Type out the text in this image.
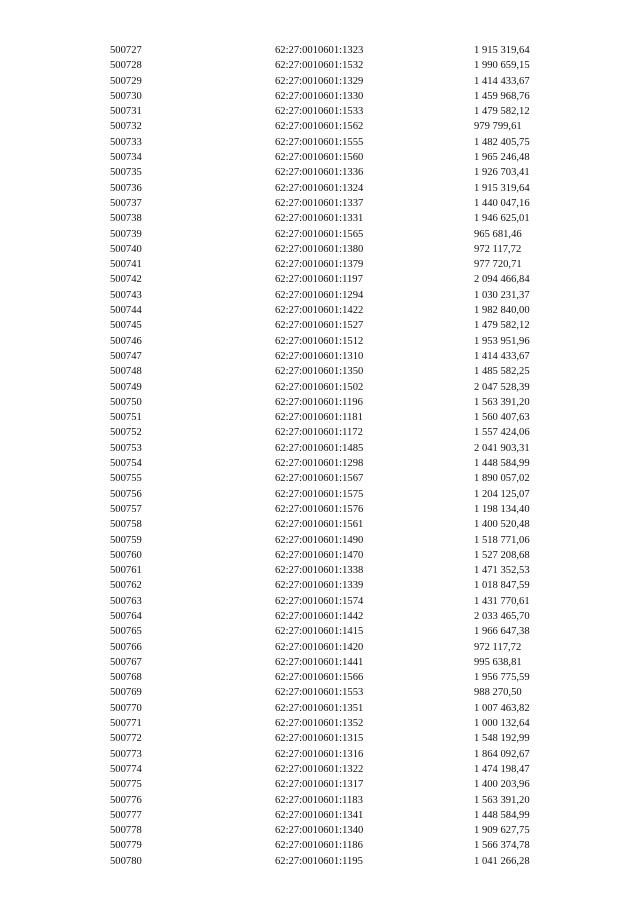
500727	62:27:0010601:1323	1 915 319,64
500728	62:27:0010601:1532	1 990 659,15
500729	62:27:0010601:1329	1 414 433,67
500730	62:27:0010601:1330	1 459 968,76
500731	62:27:0010601:1533	1 479 582,12
500732	62:27:0010601:1562	979 799,61
500733	62:27:0010601:1555	1 482 405,75
500734	62:27:0010601:1560	1 965 246,48
500735	62:27:0010601:1336	1 926 703,41
500736	62:27:0010601:1324	1 915 319,64
500737	62:27:0010601:1337	1 440 047,16
500738	62:27:0010601:1331	1 946 625,01
500739	62:27:0010601:1565	965 681,46
500740	62:27:0010601:1380	972 117,72
500741	62:27:0010601:1379	977 720,71
500742	62:27:0010601:1197	2 094 466,84
500743	62:27:0010601:1294	1 030 231,37
500744	62:27:0010601:1422	1 982 840,00
500745	62:27:0010601:1527	1 479 582,12
500746	62:27:0010601:1512	1 953 951,96
500747	62:27:0010601:1310	1 414 433,67
500748	62:27:0010601:1350	1 485 582,25
500749	62:27:0010601:1502	2 047 528,39
500750	62:27:0010601:1196	1 563 391,20
500751	62:27:0010601:1181	1 560 407,63
500752	62:27:0010601:1172	1 557 424,06
500753	62:27:0010601:1485	2 041 903,31
500754	62:27:0010601:1298	1 448 584,99
500755	62:27:0010601:1567	1 890 057,02
500756	62:27:0010601:1575	1 204 125,07
500757	62:27:0010601:1576	1 198 134,40
500758	62:27:0010601:1561	1 400 520,48
500759	62:27:0010601:1490	1 518 771,06
500760	62:27:0010601:1470	1 527 208,68
500761	62:27:0010601:1338	1 471 352,53
500762	62:27:0010601:1339	1 018 847,59
500763	62:27:0010601:1574	1 431 770,61
500764	62:27:0010601:1442	2 033 465,70
500765	62:27:0010601:1415	1 966 647,38
500766	62:27:0010601:1420	972 117,72
500767	62:27:0010601:1441	995 638,81
500768	62:27:0010601:1566	1 956 775,59
500769	62:27:0010601:1553	988 270,50
500770	62:27:0010601:1351	1 007 463,82
500771	62:27:0010601:1352	1 000 132,64
500772	62:27:0010601:1315	1 548 192,99
500773	62:27:0010601:1316	1 864 092,67
500774	62:27:0010601:1322	1 474 198,47
500775	62:27:0010601:1317	1 400 203,96
500776	62:27:0010601:1183	1 563 391,20
500777	62:27:0010601:1341	1 448 584,99
500778	62:27:0010601:1340	1 909 627,75
500779	62:27:0010601:1186	1 566 374,78
500780	62:27:0010601:1195	1 041 266,28
